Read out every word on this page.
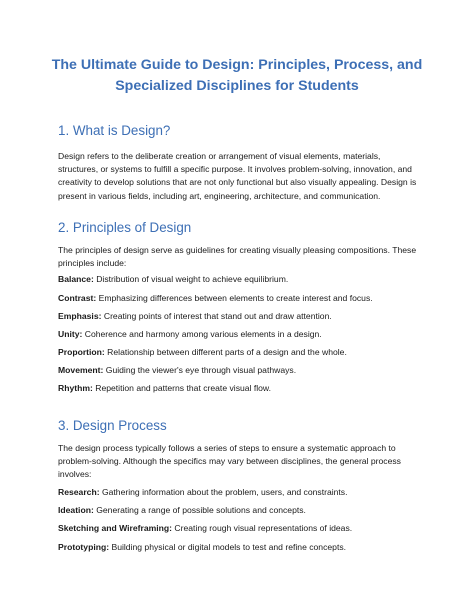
The Ultimate Guide to Design: Principles, Process, and
Specialized Disciplines for Students
1. What is Design?
Design refers to the deliberate creation or arrangement of visual elements, materials,
structures, or systems to fulfill a specific purpose. It involves problem-solving, innovation, and
creativity to develop solutions that are not only functional but also visually appealing. Design is
present in various fields, including art, engineering, architecture, and communication.
2. Principles of Design
The principles of design serve as guidelines for creating visually pleasing compositions. These
principles include:
Balance: Distribution of visual weight to achieve equilibrium.
Contrast: Emphasizing differences between elements to create interest and focus.
Emphasis: Creating points of interest that stand out and draw attention.
Unity: Coherence and harmony among various elements in a design.
Proportion: Relationship between different parts of a design and the whole.
Movement: Guiding the viewer's eye through visual pathways.
Rhythm: Repetition and patterns that create visual flow.
3. Design Process
The design process typically follows a series of steps to ensure a systematic approach to
problem-solving. Although the specifics may vary between disciplines, the general process
involves:
Research: Gathering information about the problem, users, and constraints.
Ideation: Generating a range of possible solutions and concepts.
Sketching and Wireframing: Creating rough visual representations of ideas.
Prototyping: Building physical or digital models to test and refine concepts.
